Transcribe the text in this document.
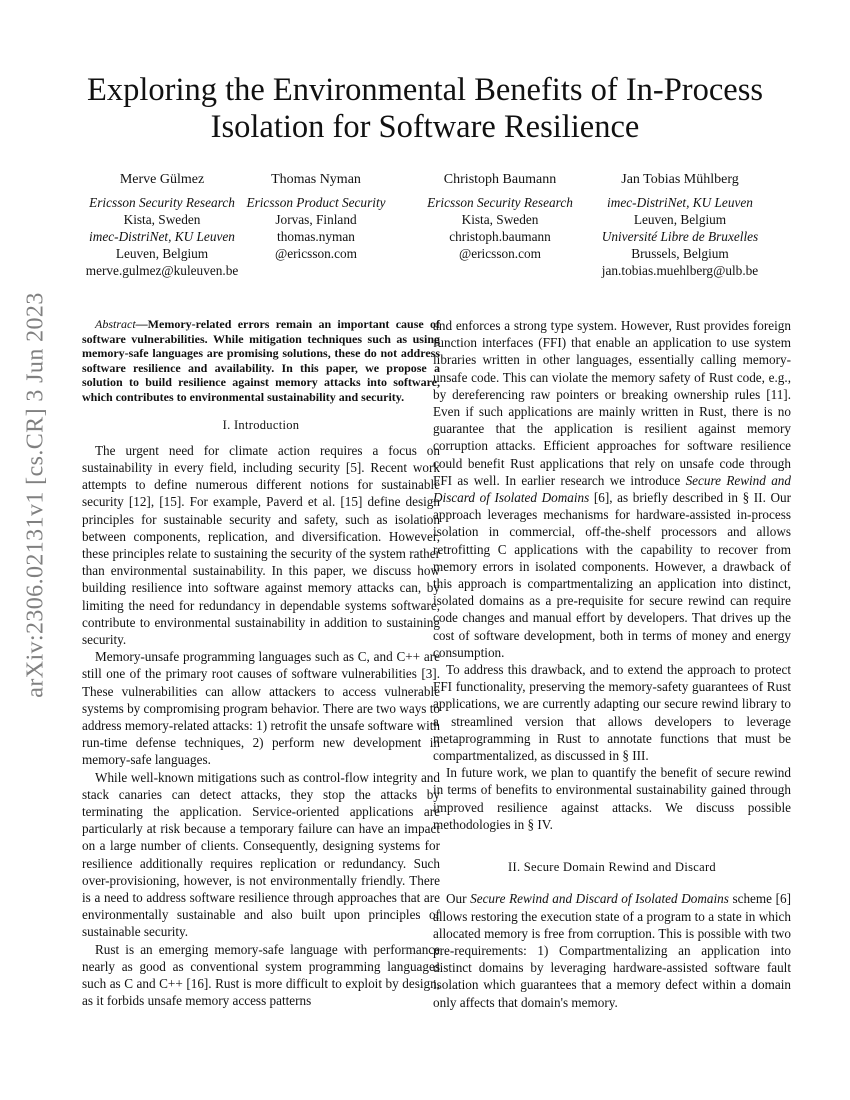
arXiv:2306.02131v1 [cs.CR] 3 Jun 2023
Exploring the Environmental Benefits of In-Process
Isolation for Software Resilience
Merve Gülmez
Ericsson Security Research
Kista, Sweden
imec-DistriNet, KU Leuven
Leuven, Belgium
merve.gulmez@kuleuven.be
Thomas Nyman
Ericsson Product Security
Jorvas, Finland
thomas.nyman
@ericsson.com
Christoph Baumann
Ericsson Security Research
Kista, Sweden
christoph.baumann
@ericsson.com
Jan Tobias Mühlberg
imec-DistriNet, KU Leuven
Leuven, Belgium
Université Libre de Bruxelles
Brussels, Belgium
jan.tobias.muehlberg@ulb.be

Abstract—Memory-related errors remain an important cause of software vulnerabilities. While mitigation techniques such as using memory-safe languages are promising solutions, these do not address software resilience and availability. In this paper, we propose a solution to build resilience against memory attacks into software, which contributes to environmental sustainability and security.

I. Introduction

The urgent need for climate action requires a focus on sustainability in every field, including security [5]. Recent work attempts to define numerous different notions for sustainable security [12], [15]. For example, Paverd et al. [15] define design principles for sustainable security and safety, such as isolation between components, replication, and diversification. However, these principles relate to sustaining the security of the system rather than environmental sustainability. In this paper, we discuss how building resilience into software against memory attacks can, by limiting the need for redundancy in dependable systems software, contribute to environmental sustainability in addition to sustaining security.

Memory-unsafe programming languages such as C, and C++ are still one of the primary root causes of software vulnerabilities [3]. These vulnerabilities can allow attackers to access vulnerable systems by compromising program behavior. There are two ways to address memory-related attacks: 1) retrofit the unsafe software with run-time defense techniques, 2) perform new development in memory-safe languages.

While well-known mitigations such as control-flow integrity and stack canaries can detect attacks, they stop the attacks by terminating the application. Service-oriented applications are particularly at risk because a temporary failure can have an impact on a large number of clients. Consequently, designing systems for resilience additionally requires replication or redundancy. Such over-provisioning, however, is not environmentally friendly. There is a need to address software resilience through approaches that are environmentally sustainable and also built upon principles of sustainable security.

Rust is an emerging memory-safe language with performance nearly as good as conventional system programming languages such as C and C++ [16]. Rust is more difficult to exploit by design, as it forbids unsafe memory access patterns

and enforces a strong type system. However, Rust provides foreign function interfaces (FFI) that enable an application to use system libraries written in other languages, essentially calling memory-unsafe code. This can violate the memory safety of Rust code, e.g., by dereferencing raw pointers or breaking ownership rules [11]. Even if such applications are mainly written in Rust, there is no guarantee that the application is resilient against memory corruption attacks. Efficient approaches for software resilience could benefit Rust applications that rely on unsafe code through FFI as well. In earlier research we introduce Secure Rewind and Discard of Isolated Domains [6], as briefly described in § II. Our approach leverages mechanisms for hardware-assisted in-process isolation in commercial, off-the-shelf processors and allows retrofitting C applications with the capability to recover from memory errors in isolated components. However, a drawback of this approach is compartmentalizing an application into distinct, isolated domains as a pre-requisite for secure rewind can require code changes and manual effort by developers. That drives up the cost of software development, both in terms of money and energy consumption.

To address this drawback, and to extend the approach to protect FFI functionality, preserving the memory-safety guarantees of Rust applications, we are currently adapting our secure rewind library to a streamlined version that allows developers to leverage metaprogramming in Rust to annotate functions that must be compartmentalized, as discussed in § III.

In future work, we plan to quantify the benefit of secure rewind in terms of benefits to environmental sustainability gained through improved resilience against attacks. We discuss possible methodologies in § IV.

II. Secure Domain Rewind and Discard

Our Secure Rewind and Discard of Isolated Domains scheme [6] allows restoring the execution state of a program to a state in which allocated memory is free from corruption. This is possible with two pre-requirements: 1) Compartmentalizing an application into distinct domains by leveraging hardware-assisted software fault isolation which guarantees that a memory defect within a domain only affects that domain's memory.
